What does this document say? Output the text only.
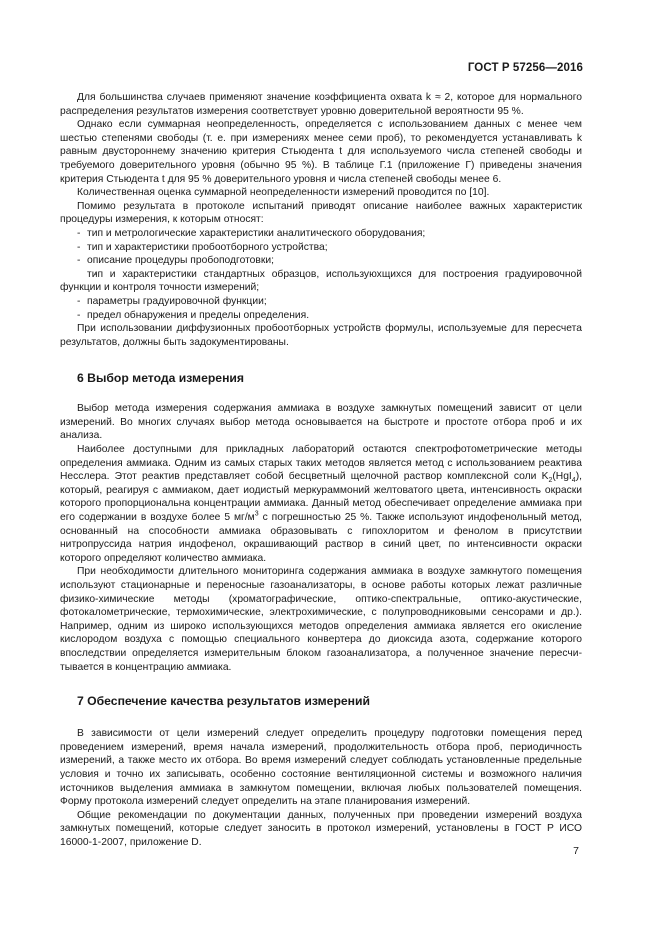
ГОСТ Р 57256—2016

Для большинства случаев применяют значение коэффициента охвата k ≈ 2, которое для нормального распределения результатов измерения соответствует уровню доверительной вероятности 95 %.

Однако если суммарная неопределенность, определяется с использованием данных с менее чем шестью степенями свободы (т. е. при измерениях менее семи проб), то рекомендуется устанавливать k равным двустороннему значению критерия Стьюдента t для используемого числа степеней свободы и требуемого доверительного уровня (обычно 95 %). В таблице Г.1 (приложение Г) приведены значения критерия Стьюдента t для 95 % доверительного уровня и числа степеней свободы менее 6.

Количественная оценка суммарной неопределенности измерений проводится по [10].

Помимо результата в протоколе испытаний приводят описание наиболее важных характеристик процедуры измерения, к которым относят:

- тип и метрологические характеристики аналитического оборудования;

- тип и характеристики пробоотборного устройства;

- описание процедуры пробоподготовки;

- тип и характеристики стандартных образцов, используюхщихся для построения градуировочной функции и контроля точности измерений;

- параметры градуировочной функции;

- предел обнаружения и пределы определения.

При использовании диффузионных пробоотборных устройств формулы, используемые для пересчета результатов, должны быть задокументированы.

6 Выбор метода измерения

Выбор метода измерения содержания аммиака в воздухе замкнутых помещений зависит от цели измерений. Во многих случаях выбор метода основывается на быстроте и простоте отбора проб и их анализа.

Наиболее доступными для прикладных лабораторий остаются спектрофотометрические методы определения аммиака. Одним из самых старых таких методов является метод с использованием реактива Несслера. Этот реактив представляет собой бесцветный щелочной раствор комплексной соли $K_2(HgI_4)$, который, реагируя с аммиаком, дает иодистый меркураммоний желтоватого цвета, интенсивность окраски которого пропорциональна концентрации аммиака. Данный метод обеспечивает определение аммиака при его содержании в воздухе более 5 $мг/м^3$ с погрешностью 25 %. Также используют индофенольный метод, основанный на способности аммиака образовывать с гипохлоритом и фенолом в присутствии нитропруссида натрия индофенол, окрашивающий раствор в синий цвет, по интенсивности окраски которого определяют количество аммиака.

При необходимости длительного мониторинга содержания аммиака в воздухе замкнутого помещения используют стационарные и переносные газоанализаторы, в основе работы которых лежат различные физико-химические методы (хроматографические, оптико-спектральные, оптико-акустические, фотокалометрические, термохимические, электрохимические, с полупроводниковыми сенсорами и др.). Например, одним из широко использующихся методов определения аммиака является его окисление кислородом воздуха с помощью специального конвертера до диоксида азота, содержание которого впоследствии определяется измерительным блоком газоанализатора, а полученное значение пересчитывается в концентрацию аммиака.

7 Обеспечение качества результатов измерений

В зависимости от цели измерений следует определить процедуру подготовки помещения перед проведением измерений, время начала измерений, продолжительность отбора проб, периодичность измерений, а также место их отбора. Во время измерений следует соблюдать установленные предельные условия и точно их записывать, особенно состояние вентиляционной системы и возможного наличия источников выделения аммиака в замкнутом помещении, включая любых пользователей помещения. Форму протокола измерений следует определить на этапе планирования измерений.

Общие рекомендации по документации данных, полученных при проведении измерений воздуха замкнутых помещений, которые следует заносить в протокол измерений, установлены в ГОСТ Р ИСО 16000-1-2007, приложение D.

7
